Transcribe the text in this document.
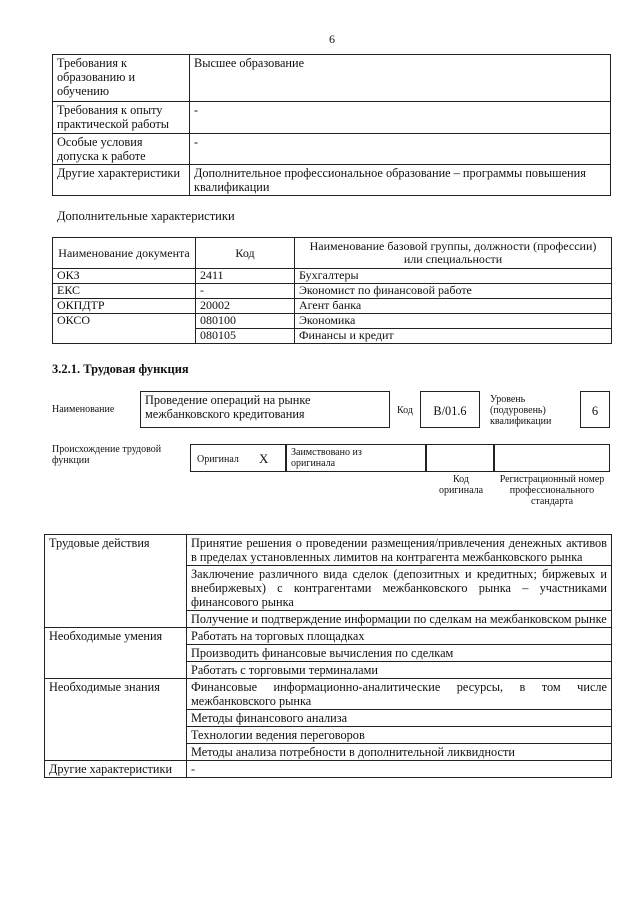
6
Требования к образованию и обучению	Высшее образование
Требования к опыту практической работы	-
Особые условия допуска к работе	-
Другие характеристики	Дополнительное профессиональное образование – программы повышения квалификации
Дополнительные характеристики
Наименование документа	Код	Наименование базовой группы, должности (профессии) или специальности
ОКЗ	2411	Бухгалтеры
ЕКС	-	Экономист по финансовой работе
ОКПДТР	20002	Агент банка
ОКСО	080100	Экономика
	080105	Финансы и кредит
3.2.1. Трудовая функция
Наименование
Проведение операций на рынке межбанковского кредитования	Код	B/01.6
Уровень (подуровень) квалификации
6
Происхождение трудовой функции	Оригинал X Заимствовано из оригинала
Код оригинала
Регистрационный номер профессионального стандарта
Трудовые действия	Принятие решения о проведении размещения/привлечения денежных активов в пределах установленных лимитов на контрагента межбанковского рынка
	Заключение различного вида сделок (депозитных и кредитных; биржевых и внебиржевых) с контрагентами межбанковского рынка – участниками финансового рынка
	Получение и подтверждение информации по сделкам на межбанковском рынке
Необходимые умения	Работать на торговых площадках
	Производить финансовые вычисления по сделкам
	Работать с торговыми терминалами
Необходимые знания	Финансовые информационно-аналитические ресурсы, в том числе межбанковского рынка
	Методы финансового анализа
	Технологии ведения переговоров
	Методы анализа потребности в дополнительной ликвидности
Другие характеристики	-
